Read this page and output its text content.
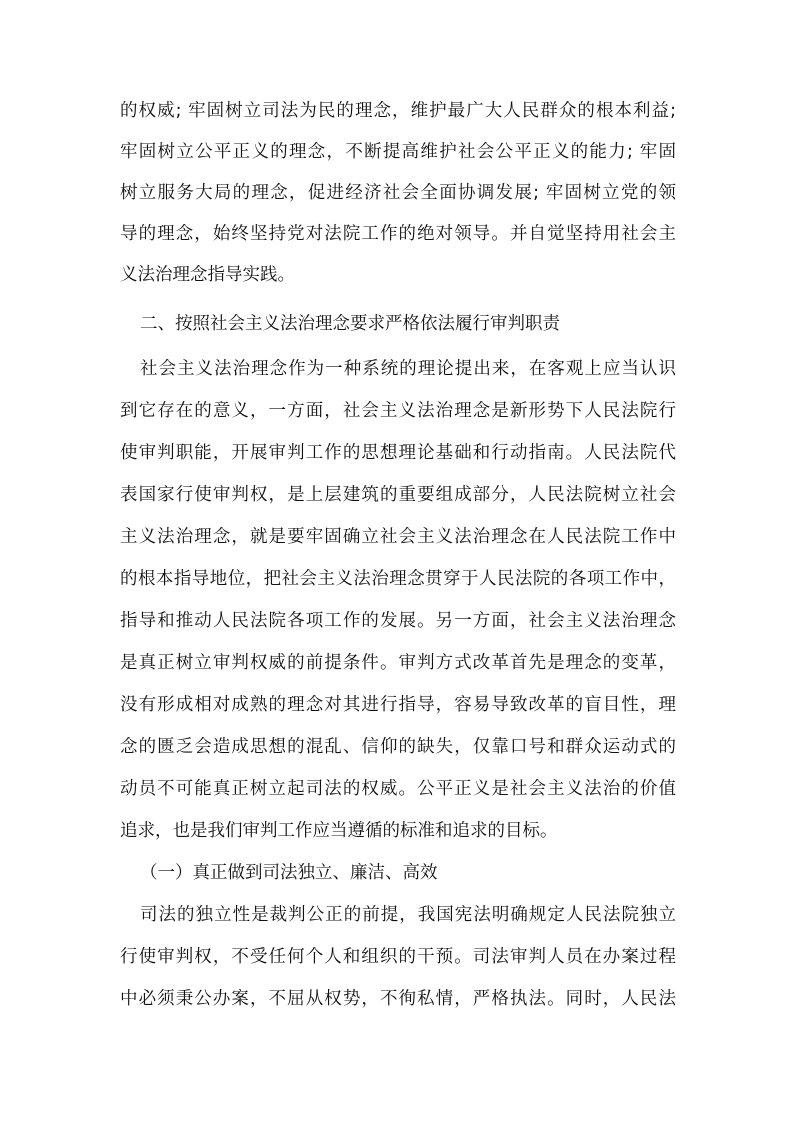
的权威; 牢固树立司法为民的理念，维护最广大人民群众的根本利益;
牢固树立公平正义的理念，不断提高维护社会公平正义的能力; 牢固
树立服务大局的理念，促进经济社会全面协调发展; 牢固树立党的领
导的理念，始终坚持党对法院工作的绝对领导。并自觉坚持用社会主
义法治理念指导实践。
二、按照社会主义法治理念要求严格依法履行审判职责
社会主义法治理念作为一种系统的理论提出来，在客观上应当认识
到它存在的意义，一方面，社会主义法治理念是新形势下人民法院行
使审判职能，开展审判工作的思想理论基础和行动指南。人民法院代
表国家行使审判权，是上层建筑的重要组成部分，人民法院树立社会
主义法治理念，就是要牢固确立社会主义法治理念在人民法院工作中
的根本指导地位，把社会主义法治理念贯穿于人民法院的各项工作中，
指导和推动人民法院各项工作的发展。另一方面，社会主义法治理念
是真正树立审判权威的前提条件。审判方式改革首先是理念的变革，
没有形成相对成熟的理念对其进行指导，容易导致改革的盲目性，理
念的匮乏会造成思想的混乱、信仰的缺失，仅靠口号和群众运动式的
动员不可能真正树立起司法的权威。公平正义是社会主义法治的价值
追求，也是我们审判工作应当遵循的标准和追求的目标。
（一）真正做到司法独立、廉洁、高效
司法的独立性是裁判公正的前提，我国宪法明确规定人民法院独立
行使审判权，不受任何个人和组织的干预。司法审判人员在办案过程
中必须秉公办案，不屈从权势，不徇私情，严格执法。同时，人民法
